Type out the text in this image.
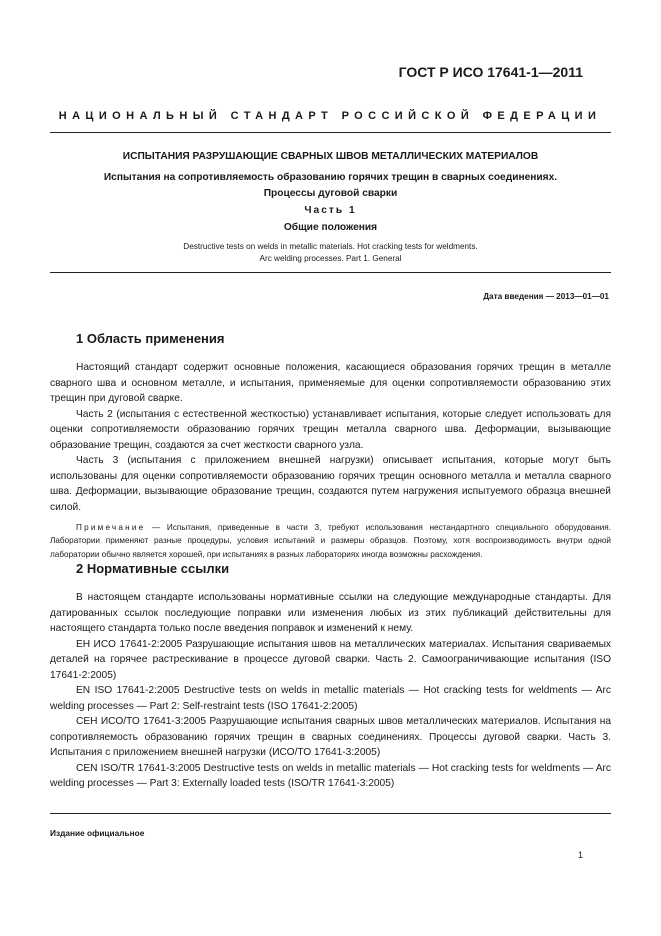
ГОСТ Р ИСО 17641-1—2011
НАЦИОНАЛЬНЫЙ СТАНДАРТ РОССИЙСКОЙ ФЕДЕРАЦИИ
ИСПЫТАНИЯ РАЗРУШАЮЩИЕ СВАРНЫХ ШВОВ МЕТАЛЛИЧЕСКИХ МАТЕРИАЛОВ
Испытания на сопротивляемость образованию горячих трещин в сварных соединениях.
Процессы дуговой сварки
Часть 1
Общие положения
Destructive tests on welds in metallic materials. Hot cracking tests for weldments.
Arc welding processes. Part 1. General
Дата введения — 2013—01—01
1 Область применения

Настоящий стандарт содержит основные положения, касающиеся образования горячих трещин в металле сварного шва и основном металле, и испытания, применяемые для оценки сопротивляемости образованию этих трещин при дуговой сварке.

Часть 2 (испытания с естественной жесткостью) устанавливает испытания, которые следует использовать для оценки сопротивляемости образованию горячих трещин металла сварного шва. Деформации, вызывающие образование трещин, создаются за счет жесткости сварного узла.

Часть 3 (испытания с приложением внешней нагрузки) описывает испытания, которые могут быть использованы для оценки сопротивляемости образованию горячих трещин основного металла и металла сварного шва. Деформации, вызывающие образование трещин, создаются путем нагружения испытуемого образца внешней силой.

Примечание — Испытания, приведенные в части 3, требуют использования нестандартного специального оборудования. Лаборатории применяют разные процедуры, условия испытаний и размеры образцов. Поэтому, хотя воспроизводимость внутри одной лаборатории обычно является хорошей, при испытаниях в разных лабораториях иногда возможны расхождения.

2 Нормативные ссылки

В настоящем стандарте использованы нормативные ссылки на следующие международные стандарты. Для датированных ссылок последующие поправки или изменения любых из этих публикаций действительны для настоящего стандарта только после введения поправок и изменений к нему.

ЕН ИСО 17641-2:2005 Разрушающие испытания швов на металлических материалах. Испытания свариваемых деталей на горячее растрескивание в процессе дуговой сварки. Часть 2. Самоограничивающие испытания (ISO 17641-2:2005)

EN ISO 17641-2:2005 Destructive tests on welds in metallic materials — Hot cracking tests for weldments — Arc welding processes — Part 2: Self-restraint tests (ISO 17641-2:2005)

СЕН ИСО/ТО 17641-3:2005 Разрушающие испытания сварных швов металлических материалов. Испытания на сопротивляемость образованию горячих трещин в сварных соединениях. Процессы дуговой сварки. Часть 3. Испытания с приложением внешней нагрузки (ИСО/ТО 17641-3:2005)

CEN ISO/TR 17641-3:2005 Destructive tests on welds in metallic materials — Hot cracking tests for weldments — Arc welding processes — Part 3: Externally loaded tests (ISO/TR 17641-3:2005)

Издание официальное
1
